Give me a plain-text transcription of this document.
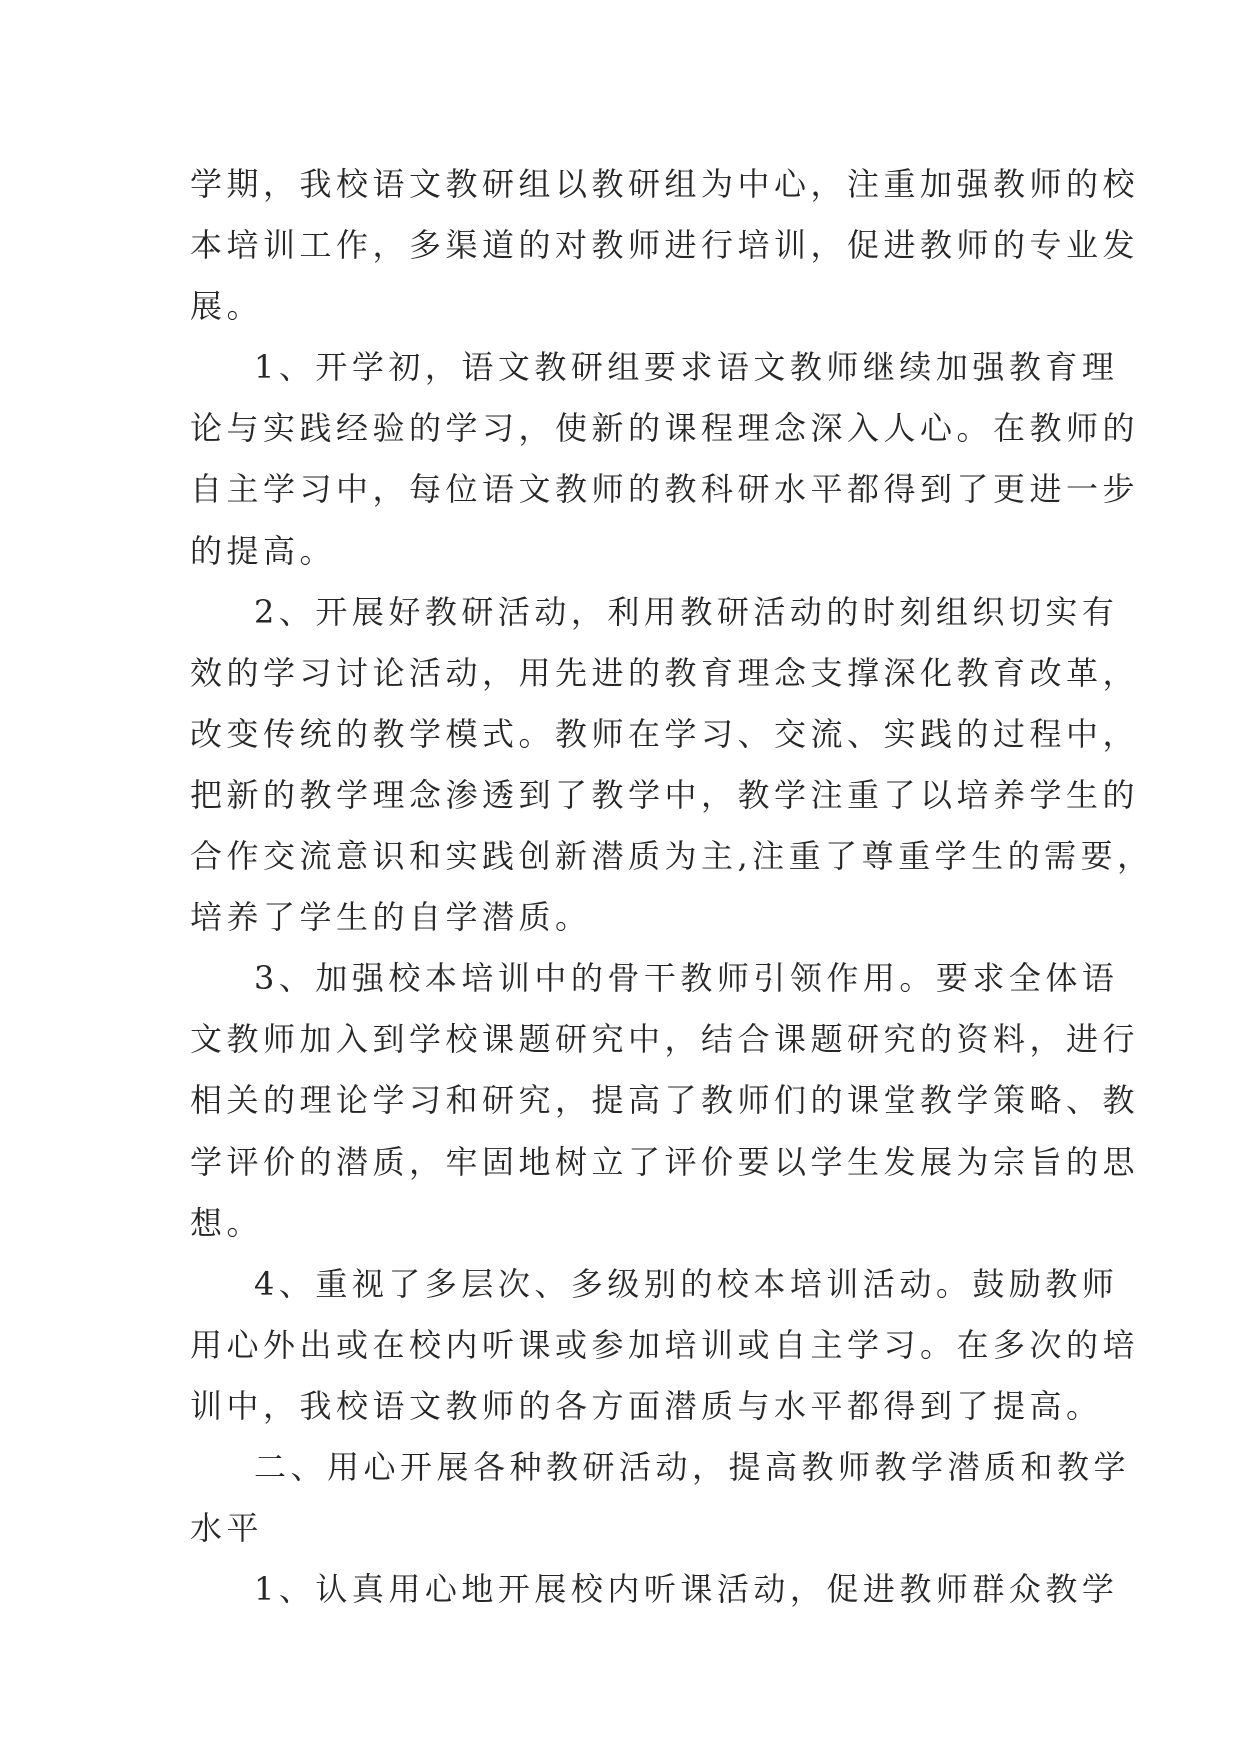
学期，我校语文教研组以教研组为中心，注重加强教师的校
本培训工作，多渠道的对教师进行培训，促进教师的专业发
展。
1、开学初，语文教研组要求语文教师继续加强教育理
论与实践经验的学习，使新的课程理念深入人心。在教师的
自主学习中，每位语文教师的教科研水平都得到了更进一步
的提高。
2、开展好教研活动，利用教研活动的时刻组织切实有
效的学习讨论活动，用先进的教育理念支撑深化教育改革，
改变传统的教学模式。教师在学习、交流、实践的过程中，
把新的教学理念渗透到了教学中，教学注重了以培养学生的
合作交流意识和实践创新潜质为主,注重了尊重学生的需要，
培养了学生的自学潜质。
3、加强校本培训中的骨干教师引领作用。要求全体语
文教师加入到学校课题研究中，结合课题研究的资料，进行
相关的理论学习和研究，提高了教师们的课堂教学策略、教
学评价的潜质，牢固地树立了评价要以学生发展为宗旨的思
想。
4、重视了多层次、多级别的校本培训活动。鼓励教师
用心外出或在校内听课或参加培训或自主学习。在多次的培
训中，我校语文教师的各方面潜质与水平都得到了提高。
二、用心开展各种教研活动，提高教师教学潜质和教学
水平
1、认真用心地开展校内听课活动，促进教师群众教学
